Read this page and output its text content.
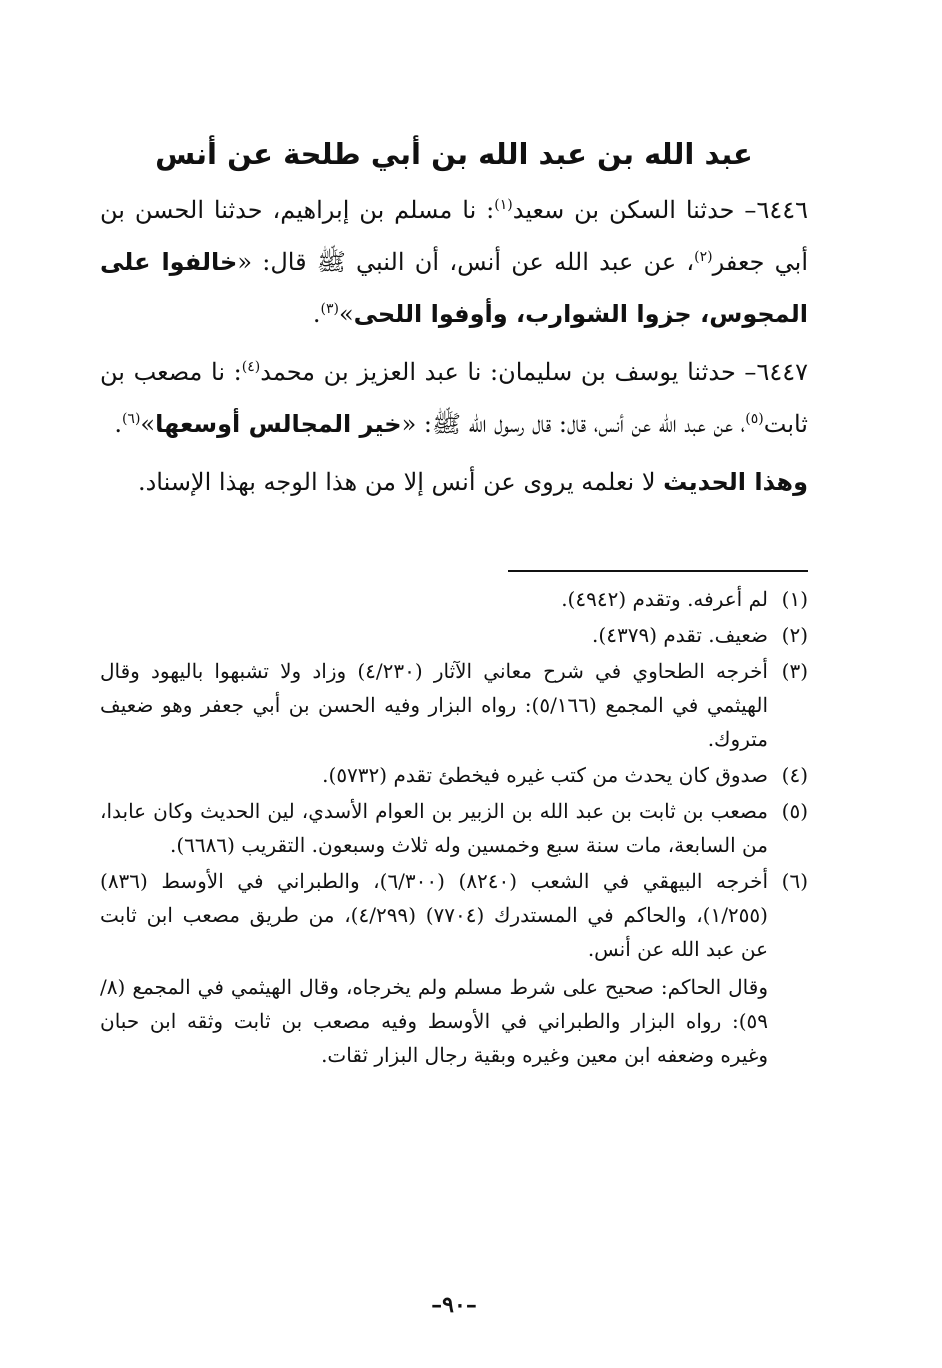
عبد الله بن عبد الله بن أبي طلحة عن أنس

٦٤٤٦– حدثنا السكن بن سعيد$^{(١)}$: نا مسلم بن إبراهيم، حدثنا الحسن بن أبي جعفر$^{(٢)}$، عن عبد الله عن أنس، أن النبي ﷺ قال: «خالفوا على المجوس، جزوا الشوارب، وأوفوا اللحى»$^{(٣)}$.

٦٤٤٧– حدثنا يوسف بن سليمان: نا عبد العزيز بن محمد$^{(٤)}$: نا مصعب بن ثابت$^{(٥)}$، عن عبد الله عن أنس، قال: قال رسول الله ﷺ: «خير المجالس أوسعها»$^{(٦)}$.

وهذا الحديث لا نعلمه يروى عن أنس إلا من هذا الوجه بهذا الإسناد.

(١)
لم أعرفه. وتقدم (٤٩٤٢).
(٢)
ضعيف. تقدم (٤٣٧٩).
(٣)
أخرجه الطحاوي في شرح معاني الآثار (٤/٢٣٠) وزاد ولا تشبهوا باليهود وقال الهيثمي في المجمع (٥/١٦٦): رواه البزار وفيه الحسن بن أبي جعفر وهو ضعيف متروك.
(٤)
صدوق كان يحدث من كتب غيره فيخطئ تقدم (٥٧٣٢).
(٥)
مصعب بن ثابت بن عبد الله بن الزبير بن العوام الأسدي، لين الحديث وكان عابدا، من السابعة، مات سنة سبع وخمسين وله ثلاث وسبعون. التقريب (٦٦٨٦).
(٦)
أخرجه البيهقي في الشعب (٨٢٤٠) (٦/٣٠٠)، والطبراني في الأوسط (٨٣٦) (١/٢٥٥)، والحاكم في المستدرك (٧٧٠٤) (٤/٢٩٩)، من طريق مصعب ابن ثابت عن عبد الله عن أنس.
وقال الحاكم: صحيح على شرط مسلم ولم يخرجاه، وقال الهيثمي في المجمع (٨/ ٥٩): رواه البزار والطبراني في الأوسط وفيه مصعب بن ثابت وثقه ابن حبان وغيره وضعفه ابن معين وغيره وبقية رجال البزار ثقات.
–٩٠–
